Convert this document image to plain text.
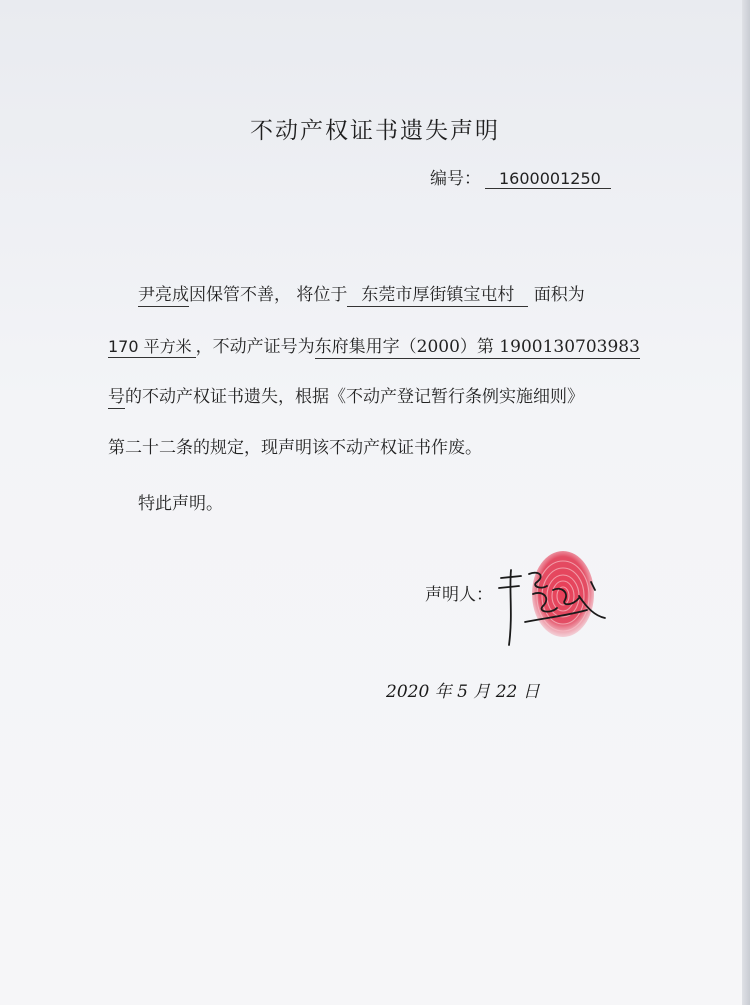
不动产权证书遗失声明
编号： 1600001250
尹亮成因保管不善， 将位于 东莞市厚街镇宝屯村 面积为
170 平方米 ，不动产证号为东府集用字（2000）第 1900130703983
号的不动产权证书遗失，根据《不动产登记暂行条例实施细则》
第二十二条的规定，现声明该不动产权证书作废。
特此声明。
声明人：
2020 年 5 月 22 日
